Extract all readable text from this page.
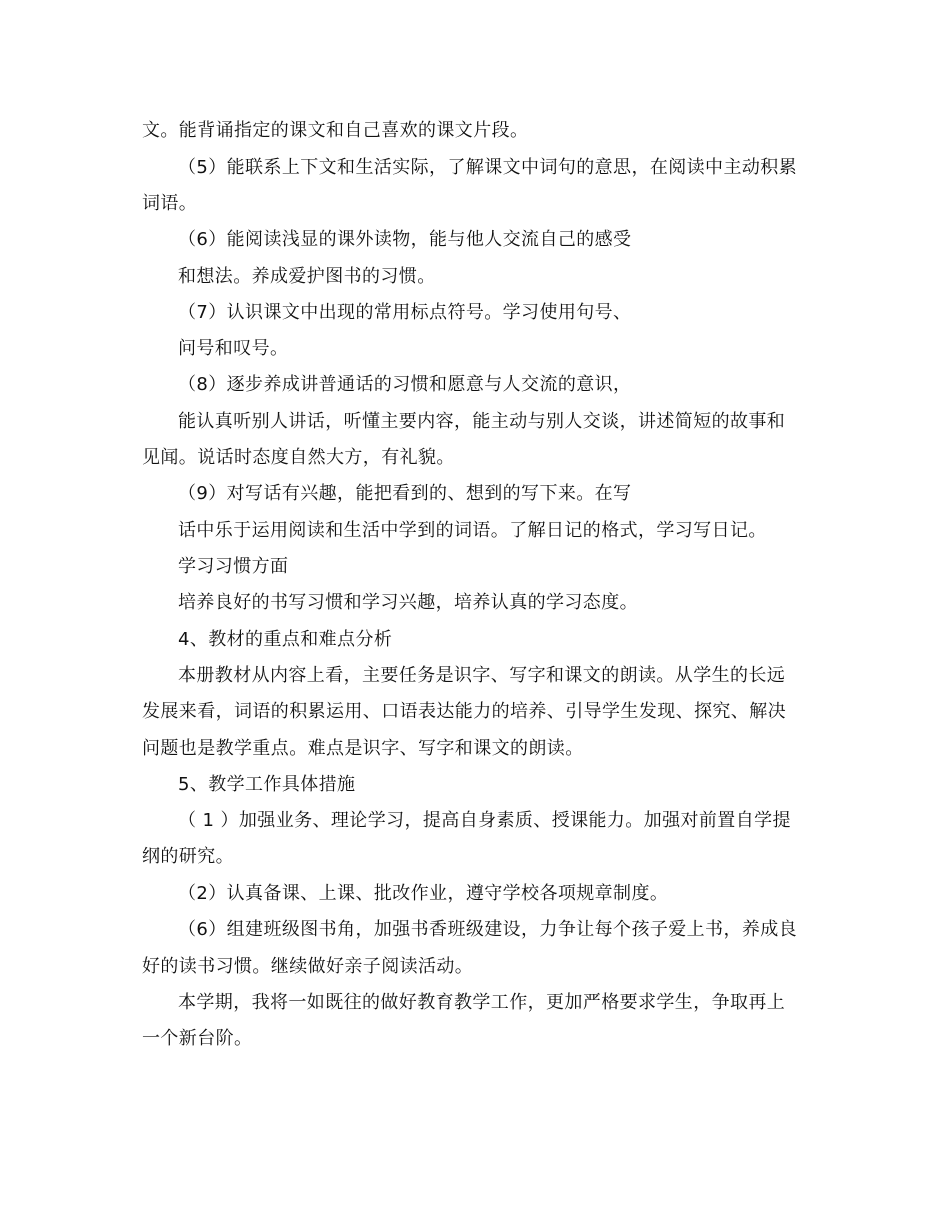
文。能背诵指定的课文和自己喜欢的课文片段。
（5）能联系上下文和生活实际，了解课文中词句的意思，在阅读中主动积累
词语。
（6）能阅读浅显的课外读物，能与他人交流自己的感受
和想法。养成爱护图书的习惯。
（7）认识课文中出现的常用标点符号。学习使用句号、
问号和叹号。
（8）逐步养成讲普通话的习惯和愿意与人交流的意识，
能认真听别人讲话，听懂主要内容，能主动与别人交谈，讲述简短的故事和
见闻。说话时态度自然大方，有礼貌。
（9）对写话有兴趣，能把看到的、想到的写下来。在写
话中乐于运用阅读和生活中学到的词语。了解日记的格式，学习写日记。
学习习惯方面
培养良好的书写习惯和学习兴趣，培养认真的学习态度。
4、教材的重点和难点分析
本册教材从内容上看，主要任务是识字、写字和课文的朗读。从学生的长远
发展来看，词语的积累运用、口语表达能力的培养、引导学生发现、探究、解决
问题也是教学重点。难点是识字、写字和课文的朗读。
5、教学工作具体措施
（ 1 ）加强业务、理论学习，提高自身素质、授课能力。加强对前置自学提
纲的研究。
（2）认真备课、上课、批改作业，遵守学校各项规章制度。
（6）组建班级图书角，加强书香班级建设，力争让每个孩子爱上书，养成良
好的读书习惯。继续做好亲子阅读活动。
本学期，我将一如既往的做好教育教学工作，更加严格要求学生，争取再上
一个新台阶。
